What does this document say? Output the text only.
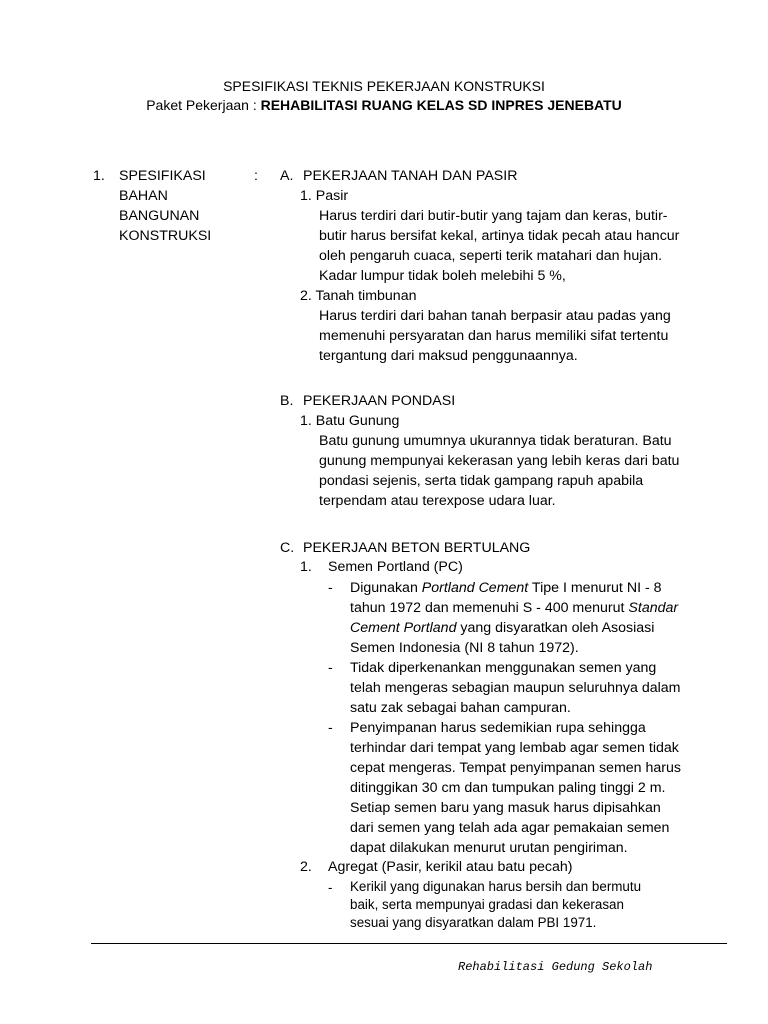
SPESIFIKASI TEKNIS PEKERJAAN KONSTRUKSI
Paket Pekerjaan : REHABILITASI RUANG KELAS SD INPRES JENEBATU
1. SPESIFIKASI
BAHAN
BANGUNAN
KONSTRUKSI
: A. PEKERJAAN TANAH DAN PASIR
1. Pasir
Harus terdiri dari butir-butir yang tajam dan keras, butir-
butir harus bersifat kekal, artinya tidak pecah atau hancur
oleh pengaruh cuaca, seperti terik matahari dan hujan.
Kadar lumpur tidak boleh melebihi 5 %,
2. Tanah timbunan
Harus terdiri dari bahan tanah berpasir atau padas yang
memenuhi persyaratan dan harus memiliki sifat tertentu
tergantung dari maksud penggunaannya.
B. PEKERJAAN PONDASI
1. Batu Gunung
Batu gunung umumnya ukurannya tidak beraturan. Batu
gunung mempunyai kekerasan yang lebih keras dari batu
pondasi sejenis, serta tidak gampang rapuh apabila
terpendam atau terexpose udara luar.
C. PEKERJAAN BETON BERTULANG
1. Semen Portland (PC)
- Digunakan Portland Cement Tipe I menurut NI - 8
tahun 1972 dan memenuhi S - 400 menurut Standar
Cement Portland yang disyaratkan oleh Asosiasi
Semen Indonesia (NI 8 tahun 1972).
- Tidak diperkenankan menggunakan semen yang
telah mengeras sebagian maupun seluruhnya dalam
satu zak sebagai bahan campuran.
- Penyimpanan harus sedemikian rupa sehingga
terhindar dari tempat yang lembab agar semen tidak
cepat mengeras. Tempat penyimpanan semen harus
ditinggikan 30 cm dan tumpukan paling tinggi 2 m.
Setiap semen baru yang masuk harus dipisahkan
dari semen yang telah ada agar pemakaian semen
dapat dilakukan menurut urutan pengiriman.
2. Agregat (Pasir, kerikil atau batu pecah)
- Kerikil yang digunakan harus bersih dan bermutu
baik, serta mempunyai gradasi dan kekerasan
sesuai yang disyaratkan dalam PBI 1971.
Rehabilitasi Gedung Sekolah
